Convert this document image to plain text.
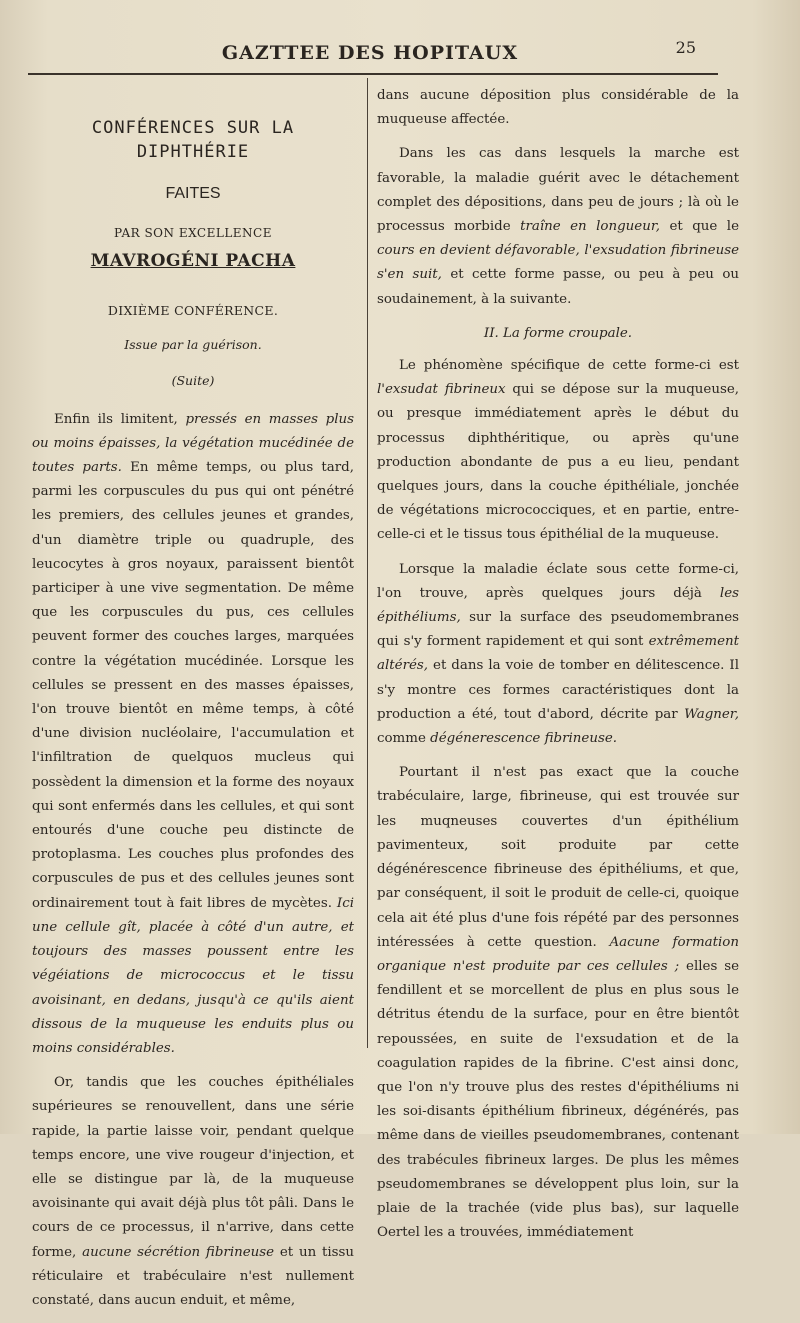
GAZTTEE DES HOPITAUX	25
CONFÉRENCES SUR LA DIPHTHÉRIE
FAITES
PAR SON EXCELLENCE
MAVROGÉNI PACHA
DIXIÈME CONFÉRENCE.
Issue par la guérison.
(Suite)

Enfin ils limitent, pressés en masses plus ou moins épaisses, la végétation mucédinée de toutes parts. En même temps, ou plus tard, parmi les corpuscules du pus qui ont pénétré les premiers, des cellules jeunes et grandes, d'un diamètre triple ou quadruple, des leucocytes à gros noyaux, paraissent bientôt participer à une vive segmentation. De même que les corpuscules du pus, ces cellules peuvent former des couches larges, marquées contre la végétation mucédinée. Lorsque les cellules se pressent en des masses épaisses, l'on trouve bientôt en même temps, à côté d'une division nucléolaire, l'accumulation et l'infiltration de quelquos mucleus qui possèdent la dimension et la forme des noyaux qui sont enfermés dans les cellules, et qui sont entourés d'une couche peu distincte de protoplasma. Les couches plus profondes des corpuscules de pus et des cellules jeunes sont ordinairement tout à fait libres de mycètes. Ici une cellule gît, placée à côté d'un autre, et toujours des masses poussent entre les végéiations de micrococcus et le tissu avoisinant, en dedans, jusqu'à ce qu'ils aient dissous de la muqueuse les enduits plus ou moins considérables.

Or, tandis que les couches épithéliales supérieures se renouvellent, dans une série rapide, la partie laisse voir, pendant quelque temps encore, une vive rougeur d'injection, et elle se distingue par là, de la muqueuse avoisinante qui avait déjà plus tôt pâli. Dans le cours de ce processus, il n'arrive, dans cette forme, aucune sécrétion fibrineuse et un tissu réticulaire et trabéculaire n'est nullement constaté, dans aucun enduit, et même,

dans aucune déposition plus considérable de la muqueuse affectée.

Dans les cas dans lesquels la marche est favorable, la maladie guérit avec le détachement complet des dépositions, dans peu de jours ; là où le processus morbide traîne en longueur, et que le cours en devient défavorable, l'exsudation fibrineuse s'en suit, et cette forme passe, ou peu à peu ou soudainement, à la suivante.

II. La forme croupale.

Le phénomène spécifique de cette forme-ci est l'exsudat fibrineux qui se dépose sur la muqueuse, ou presque immédiatement après le début du processus diphthéritique, ou après qu'une production abondante de pus a eu lieu, pendant quelques jours, dans la couche épithéliale, jonchée de végétations micrococciques, et en partie, entre-celle-ci et le tissus tous épithélial de la muqueuse.

Lorsque la maladie éclate sous cette forme-ci, l'on trouve, après quelques jours déjà les épithéliums, sur la surface des pseudomembranes qui s'y forment rapidement et qui sont extrêmement altérés, et dans la voie de tomber en délitescence. Il s'y montre ces formes caractéristiques dont la production a été, tout d'abord, décrite par Wagner, comme dégénerescence fibrineuse.

Pourtant il n'est pas exact que la couche trabéculaire, large, fibrineuse, qui est trouvée sur les muqneuses couvertes d'un épithélium pavimenteux, soit produite par cette dégénérescence fibrineuse des épithéliums, et que, par conséquent, il soit le produit de celle-ci, quoique cela ait été plus d'une fois répété par des personnes intéressées à cette question. Aacune formation organique n'est produite par ces cellules ; elles se fendillent et se morcellent de plus en plus sous le détritus étendu de la surface, pour en être bientôt repoussées, en suite de l'exsudation et de la coagulation rapides de la fibrine. C'est ainsi donc, que l'on n'y trouve plus des restes d'épithéliums ni les soi-disants épithélium fibrineux, dégénérés, pas même dans de vieilles pseudomembranes, contenant des trabécules fibrineux larges. De plus les mêmes pseudomembranes se développent plus loin, sur la plaie de la trachée (vide plus bas), sur laquelle Oertel les a trouvées, immédiatement
